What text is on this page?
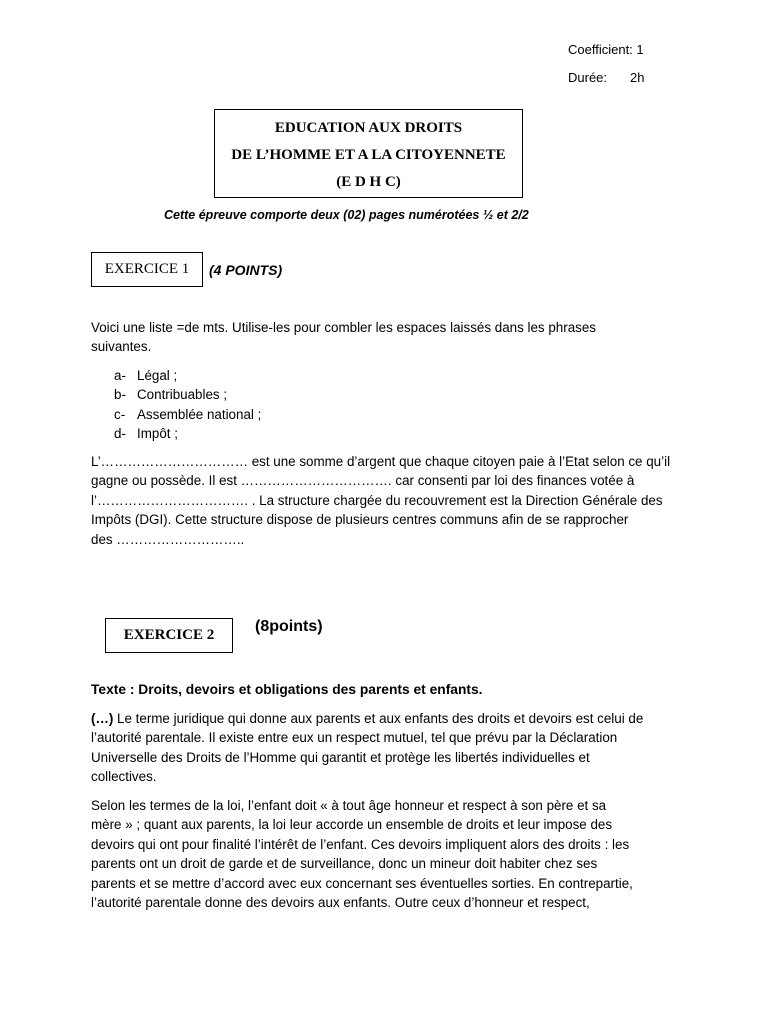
Coefficient: 1
Durée: 2h
EDUCATION AUX DROITS
DE L’HOMME ET A LA CITOYENNETE
(E D H C)
Cette épreuve comporte deux (02) pages numérotées ½ et 2/2
EXERCICE 1	(4 POINTS)
Voici une liste =de mts. Utilise-les pour combler les espaces laissés dans les phrases
suivantes.
a- Légal ;
b- Contribuables ;
c- Assemblée national ;
d- Impôt ;
L’…………………………… est une somme d’argent que chaque citoyen paie à l’Etat selon ce qu’il
gagne ou possède. Il est ……………………………. car consenti par loi des finances votée à
l’……………………………. . La structure chargée du recouvrement est la Direction Générale des
Impôts (DGI). Cette structure dispose de plusieurs centres communs afin de se rapprocher
des ………………………..
EXERCICE 2	(8points)
Texte : Droits, devoirs et obligations des parents et enfants.
(…) Le terme juridique qui donne aux parents et aux enfants des droits et devoirs est celui de
l’autorité parentale. Il existe entre eux un respect mutuel, tel que prévu par la Déclaration
Universelle des Droits de l’Homme qui garantit et protège les libertés individuelles et
collectives.
Selon les termes de la loi, l’enfant doit « à tout âge honneur et respect à son père et sa
mère » ; quant aux parents, la loi leur accorde un ensemble de droits et leur impose des
devoirs qui ont pour finalité l’intérêt de l’enfant. Ces devoirs impliquent alors des droits : les
parents ont un droit de garde et de surveillance, donc un mineur doit habiter chez ses
parents et se mettre d’accord avec eux concernant ses éventuelles sorties. En contrepartie,
l’autorité parentale donne des devoirs aux enfants. Outre ceux d’honneur et respect,
